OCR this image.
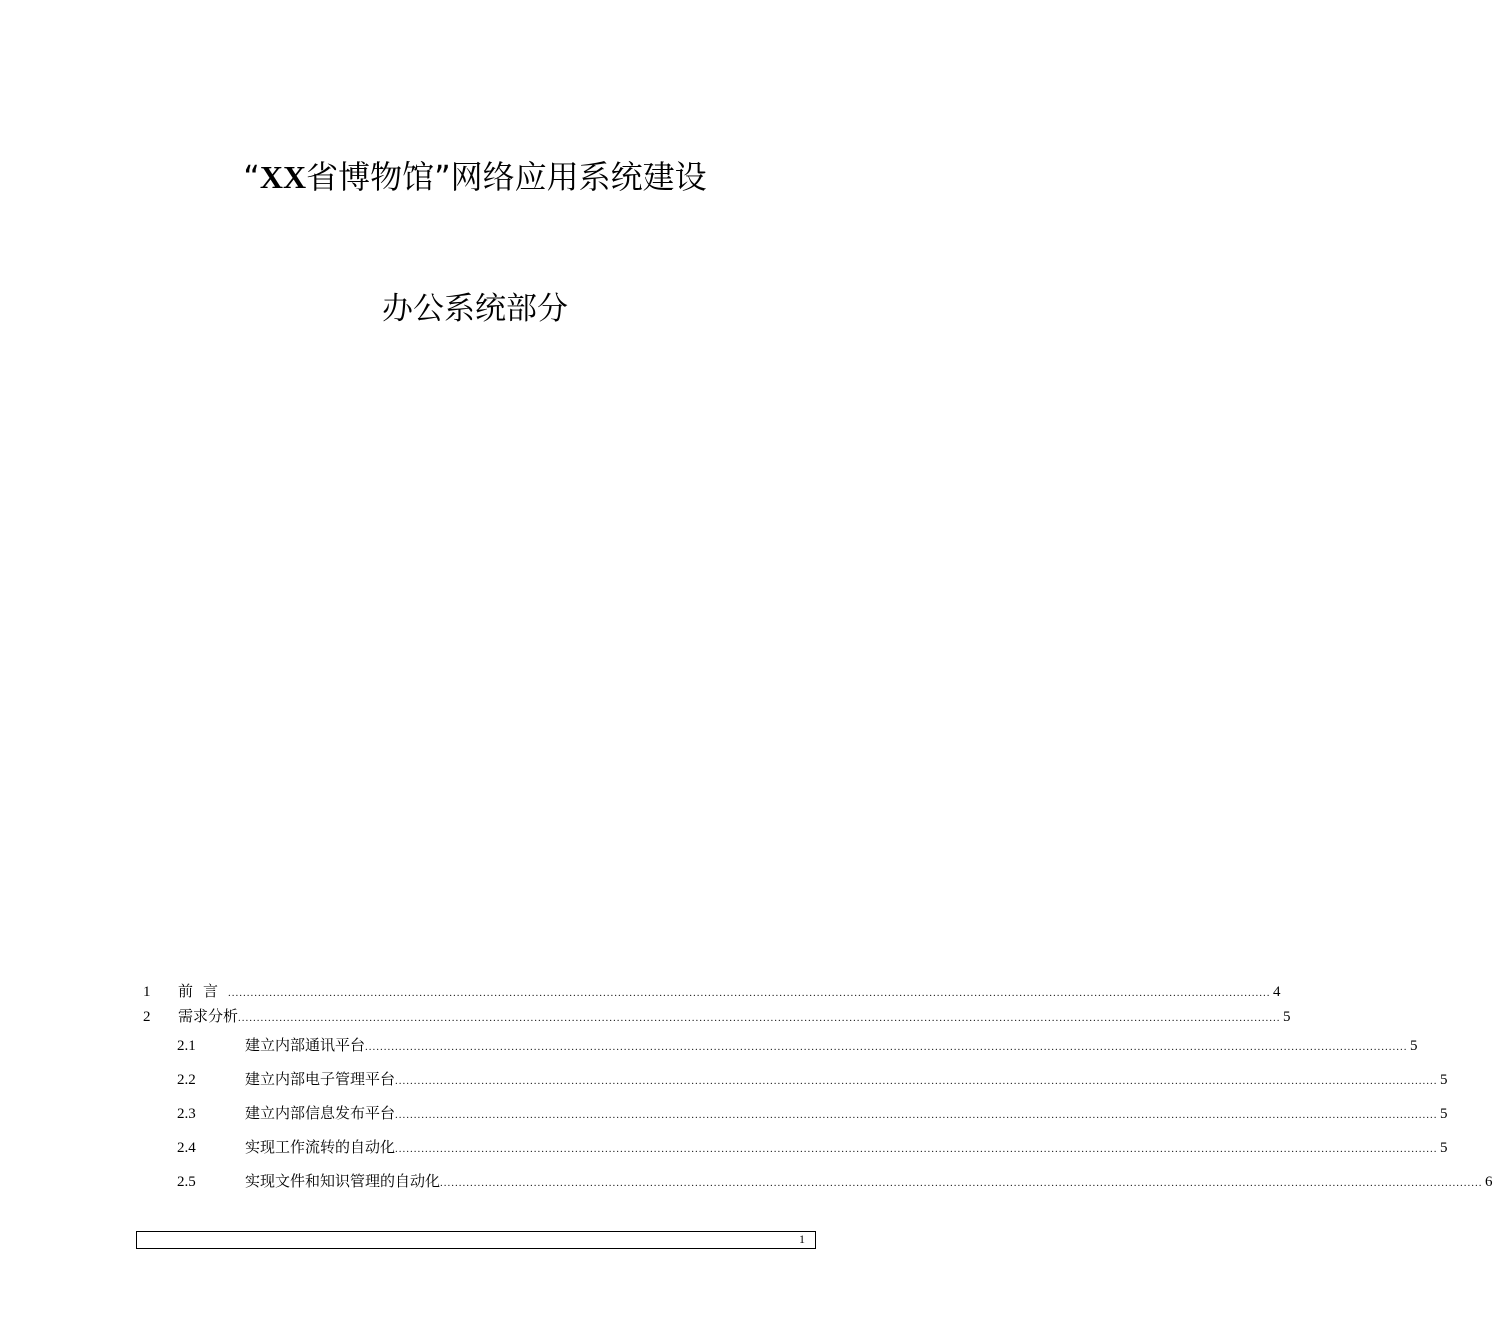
“XX省博物馆”网络应用系统建设
办公系统部分
1	前言 ...................................................................................................................................................................................................................................................................................... 4
2	需求分析 ...................................................................................................................................................................................................................................................................................... 5
2.1	建立内部通讯平台 ...................................................................................................................................................................................................................................................................................... 5
2.2	建立内部电子管理平台 ...................................................................................................................................................................................................................................................................................... 5
2.3	建立内部信息发布平台 ...................................................................................................................................................................................................................................................................................... 5
2.4	实现工作流转的自动化 ...................................................................................................................................................................................................................................................................................... 5
2.5	实现文件和知识管理的自动化 ...................................................................................................................................................................................................................................................................................... 6
1
